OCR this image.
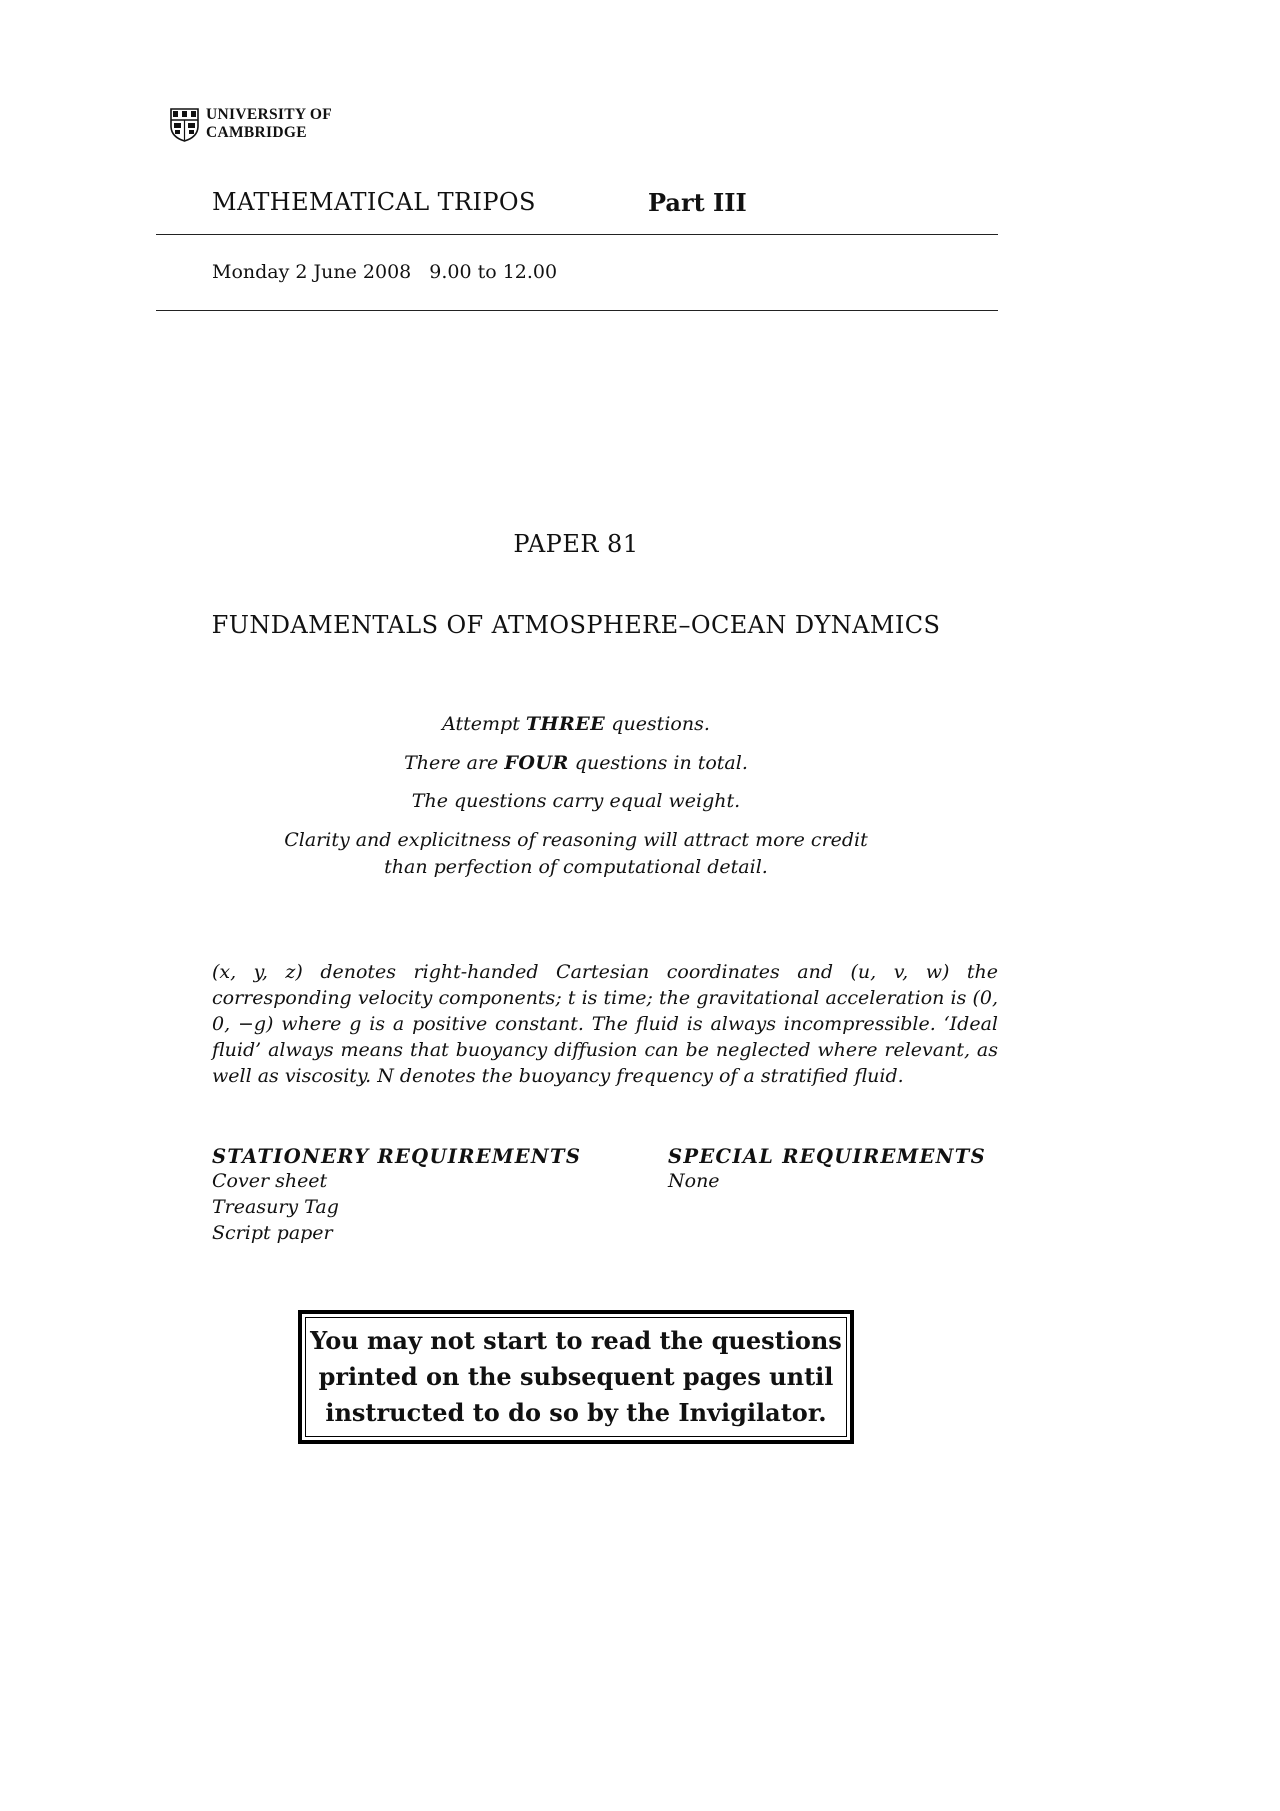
UNIVERSITY OF
CAMBRIDGE
MATHEMATICAL TRIPOS	Part III
Monday 2 June 2008 9.00 to 12.00
PAPER 81
FUNDAMENTALS OF ATMOSPHERE–OCEAN DYNAMICS
Attempt THREE questions.
There are FOUR questions in total.
The questions carry equal weight.
Clarity and explicitness of reasoning will attract more credit
than perfection of computational detail.
(x, y, z) denotes right-handed Cartesian coordinates and (u, v, w) the corresponding velocity components; t is time; the gravitational acceleration is (0, 0, −g) where g is a positive constant. The fluid is always incompressible. ‘Ideal fluid’ always means that buoyancy diffusion can be neglected where relevant, as well as viscosity. N denotes the buoyancy frequency of a stratified fluid.
STATIONERY REQUIREMENTS
Cover sheet
Treasury Tag
Script paper
SPECIAL REQUIREMENTS
None
You may not start to read the questions
printed on the subsequent pages until
instructed to do so by the Invigilator.
